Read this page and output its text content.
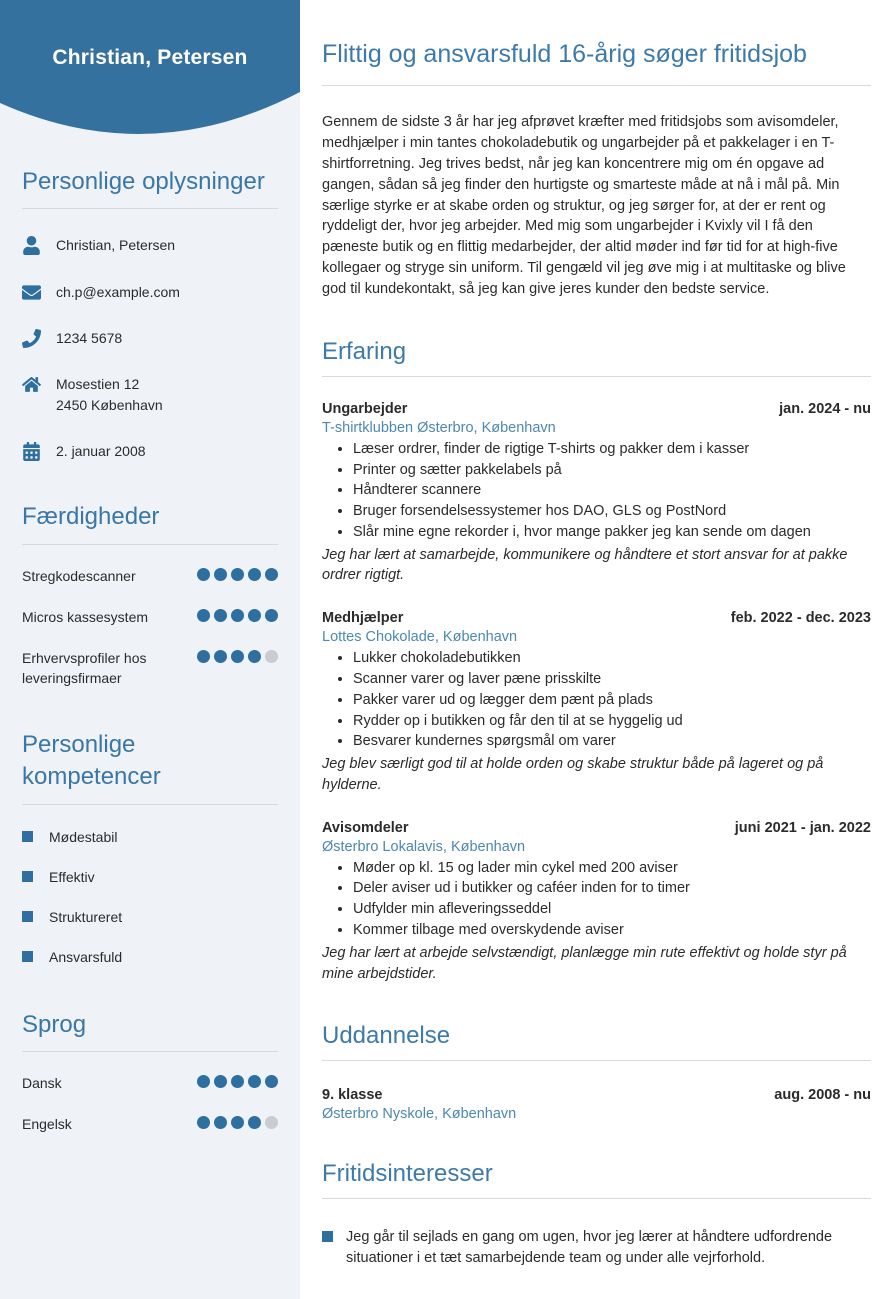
Christian, Petersen
Personlige oplysninger
Christian, Petersen
ch.p@example.com
1234 5678
Mosestien 12
2450 København
2. januar 2008
Færdigheder
Stregkodescanner
Micros kassesystem
Erhvervsprofiler hos leveringsfirmaer
Personlige kompetencer
Mødestabil
Effektiv
Struktureret
Ansvarsfuld
Sprog
Dansk
Engelsk
Flittig og ansvarsfuld 16-årig søger fritidsjob

Gennem de sidste 3 år har jeg afprøvet kræfter med fritidsjobs som avisomdeler, medhjælper i min tantes chokoladebutik og ungarbejder på et pakkelager i en T-shirtforretning. Jeg trives bedst, når jeg kan koncentrere mig om én opgave ad gangen, sådan så jeg finder den hurtigste og smarteste måde at nå i mål på. Min særlige styrke er at skabe orden og struktur, og jeg sørger for, at der er rent og ryddeligt der, hvor jeg arbejder. Med mig som ungarbejder i Kvixly vil I få den pæneste butik og en flittig medarbejder, der altid møder ind før tid for at high-five kollegaer og stryge sin uniform. Til gengæld vil jeg øve mig i at multitaske og blive god til kundekontakt, så jeg kan give jeres kunder den bedste service.

Erfaring
Ungarbejder	jan. 2024 - nu
T-shirtklubben Østerbro, København
• Læser ordrer, finder de rigtige T-shirts og pakker dem i kasser
• Printer og sætter pakkelabels på
• Håndterer scannere
• Bruger forsendelsessystemer hos DAO, GLS og PostNord
• Slår mine egne rekorder i, hvor mange pakker jeg kan sende om dagen
Jeg har lært at samarbejde, kommunikere og håndtere et stort ansvar for at pakke ordrer rigtigt.
Medhjælper	feb. 2022 - dec. 2023
Lottes Chokolade, København
• Lukker chokoladebutikken
• Scanner varer og laver pæne prisskilte
• Pakker varer ud og lægger dem pænt på plads
• Rydder op i butikken og får den til at se hyggelig ud
• Besvarer kundernes spørgsmål om varer
Jeg blev særligt god til at holde orden og skabe struktur både på lageret og på hylderne.
Avisomdeler	juni 2021 - jan. 2022
Østerbro Lokalavis, København
• Møder op kl. 15 og lader min cykel med 200 aviser
• Deler aviser ud i butikker og caféer inden for to timer
• Udfylder min afleveringsseddel
• Kommer tilbage med overskydende aviser
Jeg har lært at arbejde selvstændigt, planlægge min rute effektivt og holde styr på mine arbejdstider.
Uddannelse
9. klasse	aug. 2008 - nu
Østerbro Nyskole, København
Fritidsinteresser
Jeg går til sejlads en gang om ugen, hvor jeg lærer at håndtere udfordrende situationer i et tæt samarbejdende team og under alle vejrforhold.
